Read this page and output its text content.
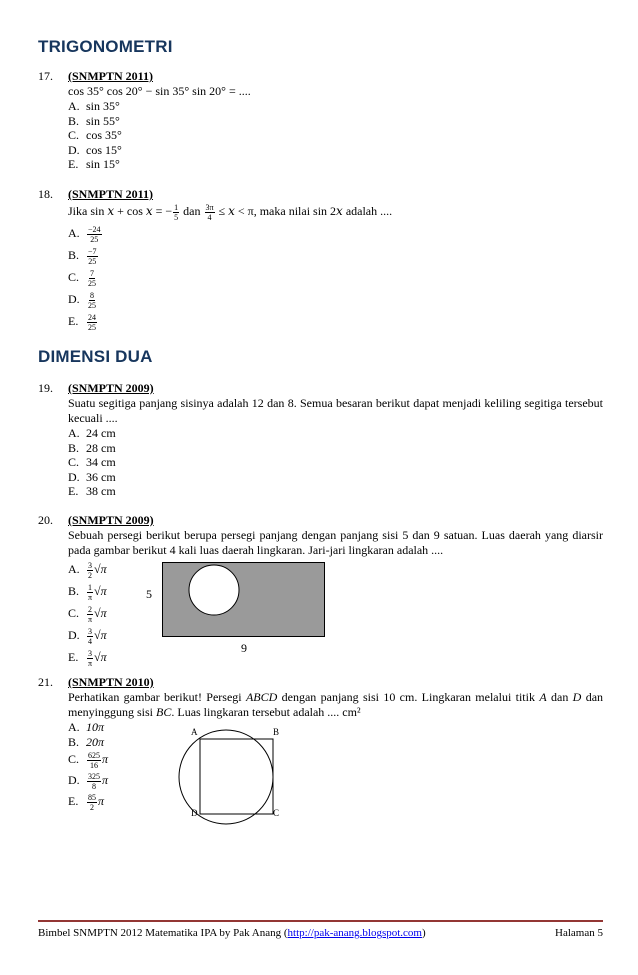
TRIGONOMETRI
17. (SNMPTN 2011)
cos 35° cos 20° − sin 35° sin 20° = ....
A. sin 35°
B. sin 55°
C. cos 35°
D. cos 15°
E. sin 15°
18. (SNMPTN 2011)
Jika sin 𝑥 + cos 𝑥 = − $\frac{1}{5}$ dan $\frac{3\pi}{4}$ ≤ 𝑥 < π, maka nilai sin 2𝑥 adalah ....
A. $\frac{-24}{25}$
B. $\frac{-7}{25}$
C. $\frac{7}{25}$
D. $\frac{8}{25}$
E. $\frac{24}{25}$
DIMENSI DUA
19. (SNMPTN 2009)
Suatu segitiga panjang sisinya adalah 12 dan 8. Semua besaran berikut dapat menjadi keliling segitiga tersebut kecuali ....
A. 24 cm
B. 28 cm
C. 34 cm
D. 36 cm
E. 38 cm
20. (SNMPTN 2009)
Sebuah persegi berikut berupa persegi panjang dengan panjang sisi 5 dan 9 satuan. Luas daerah yang diarsir pada gambar berikut 4 kali luas daerah lingkaran. Jari-jari lingkaran adalah ....
A. $\frac{3}{2} √\pi$
B. $\frac{1}{\pi} √\pi$
C. $\frac{2}{\pi} √\pi$
D. $\frac{3}{4} √\pi$
E. $\frac{3}{\pi} √\pi$
5
9
21. (SNMPTN 2010)
Perhatikan gambar berikut! Persegi ABCD dengan panjang sisi 10 cm. Lingkaran melalui titik A dan D dan menyinggung sisi BC. Luas lingkaran tersebut adalah .... cm²
A. 10π
B. 20π
C. $\frac{625}{16}$ π
D. $\frac{325}{8}$ π
E. $\frac{85}{2}$ π
A	B
D	C
Bimbel SNMPTN 2012 Matematika IPA by Pak Anang (http://pak-anang.blogspot.com)	Halaman 5
